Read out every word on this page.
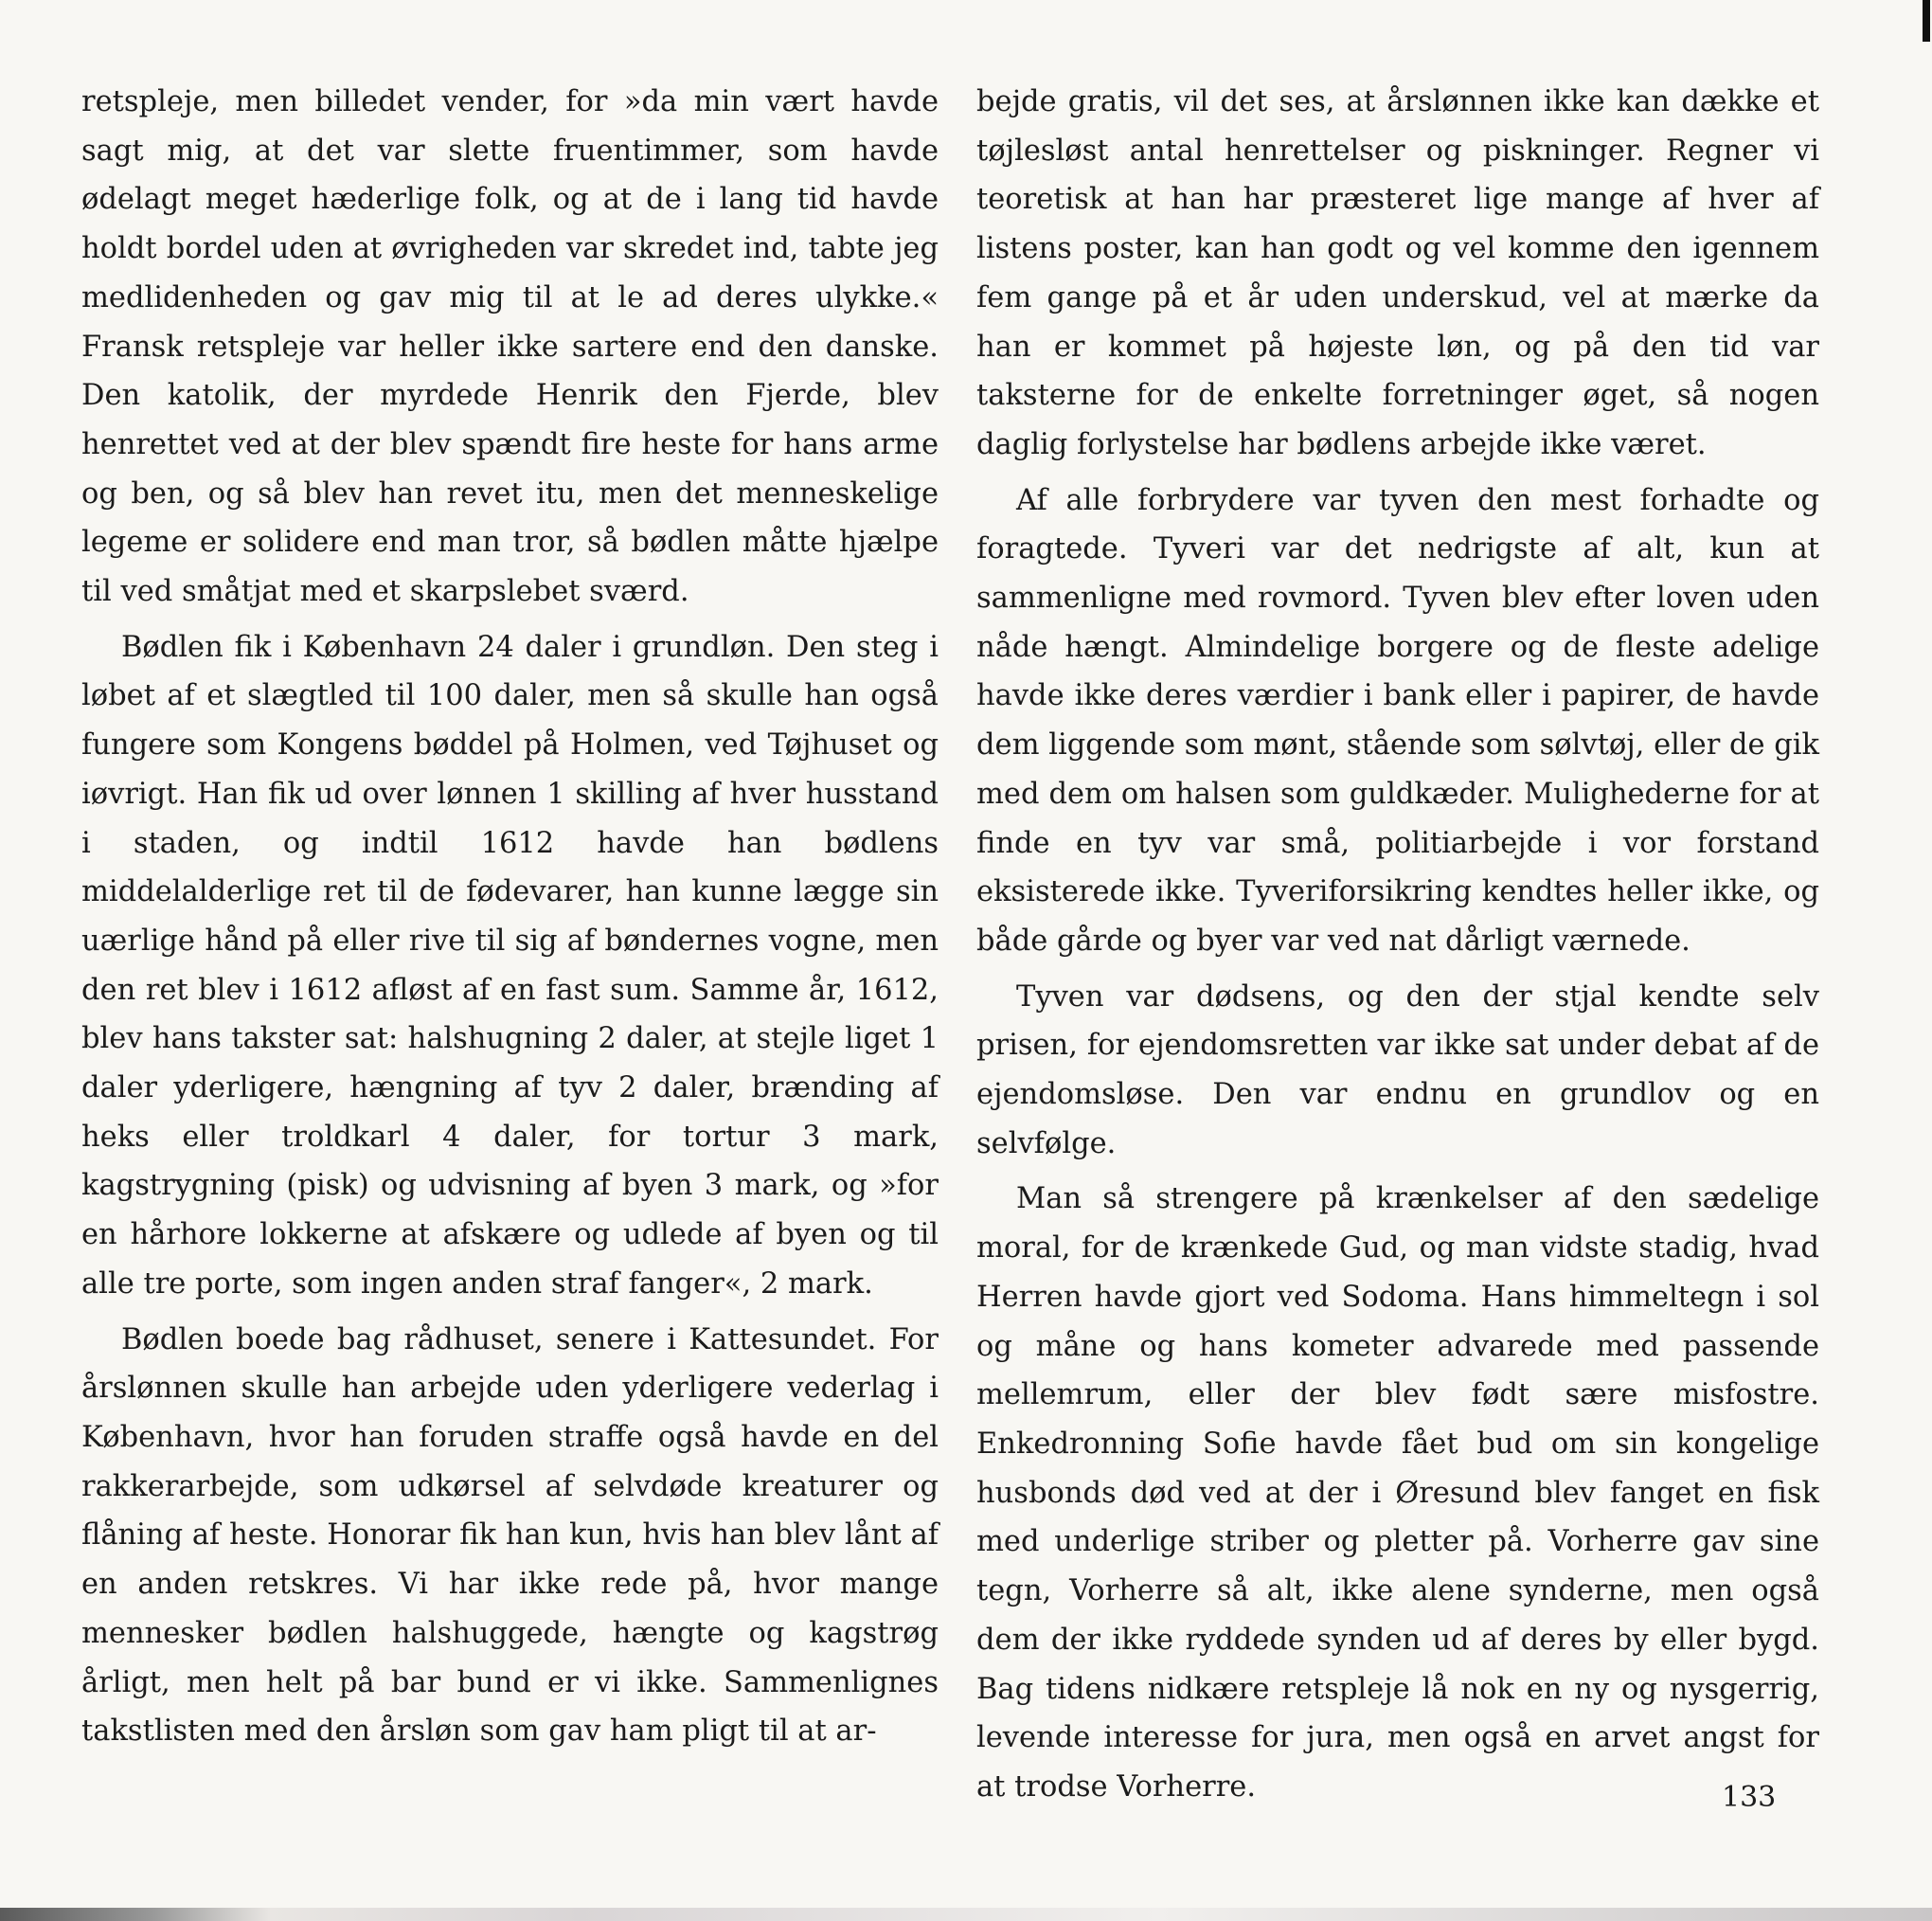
retspleje, men billedet vender, for »da min vært havde sagt mig, at det var slette fruentimmer, som havde ødelagt meget hæderlige folk, og at de i lang tid havde holdt bordel uden at øvrigheden var skredet ind, tabte jeg medlidenheden og gav mig til at le ad deres ulykke.« Fransk retspleje var heller ikke sartere end den danske. Den katolik, der myrdede Henrik den Fjerde, blev henrettet ved at der blev spændt fire heste for hans arme og ben, og så blev han revet itu, men det menneskelige legeme er solidere end man tror, så bødlen måtte hjælpe til ved småtjat med et skarpslebet sværd.

Bødlen fik i København 24 daler i grundløn. Den steg i løbet af et slægtled til 100 daler, men så skulle han også fungere som Kongens bøddel på Holmen, ved Tøjhuset og iøvrigt. Han fik ud over lønnen 1 skilling af hver husstand i staden, og indtil 1612 havde han bødlens middelalderlige ret til de fødevarer, han kunne lægge sin uærlige hånd på eller rive til sig af bøndernes vogne, men den ret blev i 1612 afløst af en fast sum. Samme år, 1612, blev hans takster sat: halshugning 2 daler, at stejle liget 1 daler yderligere, hængning af tyv 2 daler, brænding af heks eller troldkarl 4 daler, for tortur 3 mark, kagstrygning (pisk) og udvisning af byen 3 mark, og »for en hårhore lokkerne at afskære og udlede af byen og til alle tre porte, som ingen anden straf fanger«, 2 mark.

Bødlen boede bag rådhuset, senere i Kattesundet. For årslønnen skulle han arbejde uden yderligere vederlag i København, hvor han foruden straffe også havde en del rakkerarbejde, som udkørsel af selvdøde kreaturer og flåning af heste. Honorar fik han kun, hvis han blev lånt af en anden retskres. Vi har ikke rede på, hvor mange mennesker bødlen halshuggede, hængte og kagstrøg årligt, men helt på bar bund er vi ikke. Sammenlignes takstlisten med den årsløn som gav ham pligt til at ar-

bejde gratis, vil det ses, at årslønnen ikke kan dække et tøjlesløst antal henrettelser og piskninger. Regner vi teoretisk at han har præsteret lige mange af hver af listens poster, kan han godt og vel komme den igennem fem gange på et år uden underskud, vel at mærke da han er kommet på højeste løn, og på den tid var taksterne for de enkelte forretninger øget, så nogen daglig forlystelse har bødlens arbejde ikke været.

Af alle forbrydere var tyven den mest forhadte og foragtede. Tyveri var det nedrigste af alt, kun at sammenligne med rovmord. Tyven blev efter loven uden nåde hængt. Almindelige borgere og de fleste adelige havde ikke deres værdier i bank eller i papirer, de havde dem liggende som mønt, stående som sølvtøj, eller de gik med dem om halsen som guldkæder. Mulighederne for at finde en tyv var små, politiarbejde i vor forstand eksisterede ikke. Tyveriforsikring kendtes heller ikke, og både gårde og byer var ved nat dårligt værnede.

Tyven var dødsens, og den der stjal kendte selv prisen, for ejendomsretten var ikke sat under debat af de ejendomsløse. Den var endnu en grundlov og en selvfølge.

Man så strengere på krænkelser af den sædelige moral, for de krænkede Gud, og man vidste stadig, hvad Herren havde gjort ved Sodoma. Hans himmeltegn i sol og måne og hans kometer advarede med passende mellemrum, eller der blev født sære misfostre. Enkedronning Sofie havde fået bud om sin kongelige husbonds død ved at der i Øresund blev fanget en fisk med underlige striber og pletter på. Vorherre gav sine tegn, Vorherre så alt, ikke alene synderne, men også dem der ikke ryddede synden ud af deres by eller bygd. Bag tidens nidkære retspleje lå nok en ny og nysgerrig, levende interesse for jura, men også en arvet angst for at trodse Vorherre.	133
